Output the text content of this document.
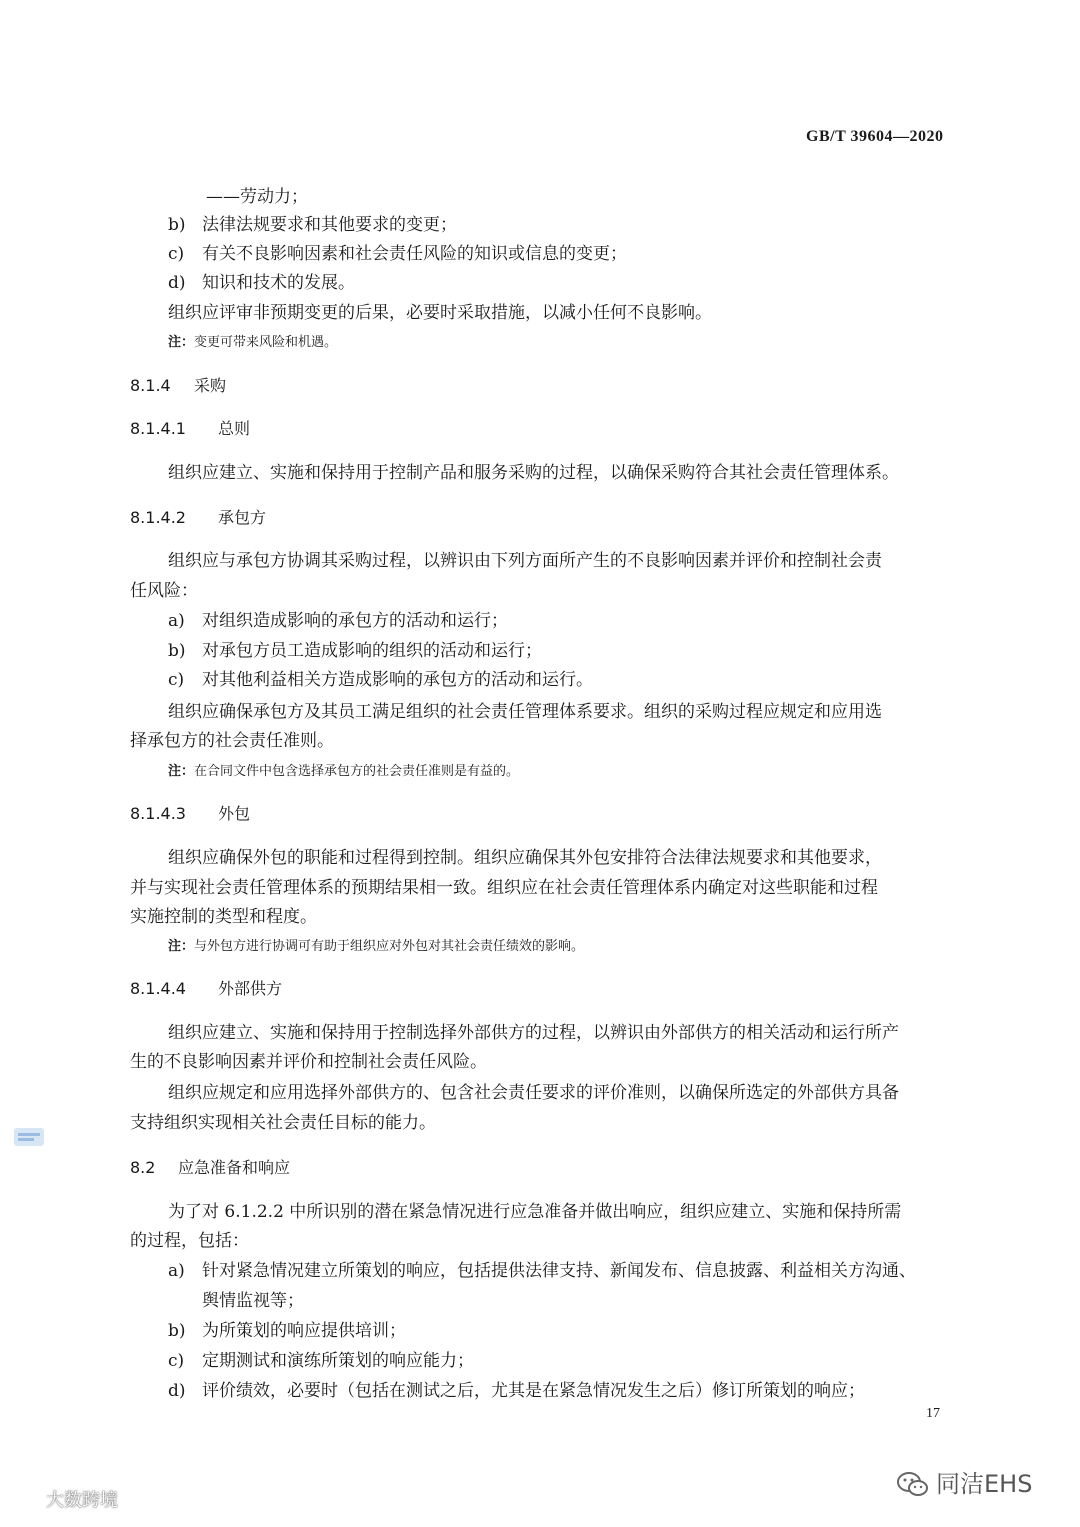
GB/T 39604—2020
——劳动力；
b) 法律法规要求和其他要求的变更；
c) 有关不良影响因素和社会责任风险的知识或信息的变更；
d) 知识和技术的发展。
组织应评审非预期变更的后果，必要时采取措施，以减小任何不良影响。
注：变更可带来风险和机遇。
8.1.4 采购
8.1.4.1 总则
组织应建立、实施和保持用于控制产品和服务采购的过程，以确保采购符合其社会责任管理体系。
8.1.4.2 承包方
组织应与承包方协调其采购过程，以辨识由下列方面所产生的不良影响因素并评价和控制社会责
任风险：
a) 对组织造成影响的承包方的活动和运行；
b) 对承包方员工造成影响的组织的活动和运行；
c) 对其他利益相关方造成影响的承包方的活动和运行。
组织应确保承包方及其员工满足组织的社会责任管理体系要求。组织的采购过程应规定和应用选
择承包方的社会责任准则。
注：在合同文件中包含选择承包方的社会责任准则是有益的。
8.1.4.3 外包
组织应确保外包的职能和过程得到控制。组织应确保其外包安排符合法律法规要求和其他要求，
并与实现社会责任管理体系的预期结果相一致。组织应在社会责任管理体系内确定对这些职能和过程
实施控制的类型和程度。
注：与外包方进行协调可有助于组织应对外包对其社会责任绩效的影响。
8.1.4.4 外部供方
组织应建立、实施和保持用于控制选择外部供方的过程，以辨识由外部供方的相关活动和运行所产
生的不良影响因素并评价和控制社会责任风险。
组织应规定和应用选择外部供方的、包含社会责任要求的评价准则，以确保所选定的外部供方具备
支持组织实现相关社会责任目标的能力。
8.2 应急准备和响应
为了对 6.1.2.2 中所识别的潜在紧急情况进行应急准备并做出响应，组织应建立、实施和保持所需
的过程，包括：
a) 针对紧急情况建立所策划的响应，包括提供法律支持、新闻发布、信息披露、利益相关方沟通、
舆情监视等；
b) 为所策划的响应提供培训；
c) 定期测试和演练所策划的响应能力；
d) 评价绩效，必要时（包括在测试之后，尤其是在紧急情况发生之后）修订所策划的响应；
17
大数跨境
同洁EHS
